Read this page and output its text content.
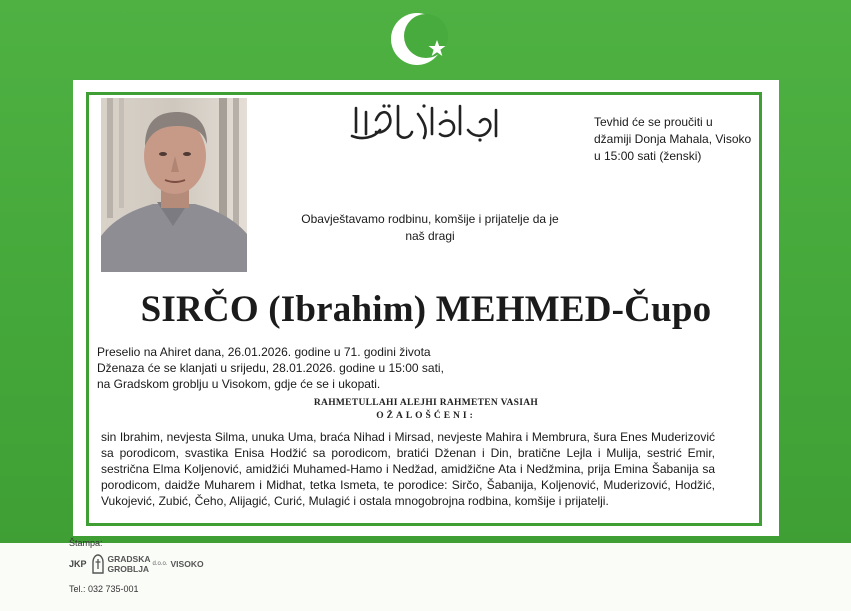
Tevhid će se proučiti u
džamiji Donja Mahala, Visoko
u 15:00 sati (ženski)
Obavještavamo rodbinu, komšije i prijatelje da je
naš dragi
SIRČO (Ibrahim) MEHMED-Čupo
Preselio na Ahiret dana, 26.01.2026. godine u 71. godini života
Dženaza će se klanjati u srijedu, 28.01.2026. godine u 15:00 sati,
na Gradskom groblju u Visokom, gdje će se i ukopati.
RAHMETULLAHI ALEJHI RAHMETEN VASIAH
OŽALOŠĆENI:
sin Ibrahim, nevjesta Silma, unuka Uma, braća Nihad i Mirsad, nevjeste Mahira i Membrura, šura Enes Muderizović sa porodicom, svastika Enisa Hodžić sa porodicom, bratići Dženan i Din, bratične Lejla i Mulija, sestrić Emir, sestrična Elma Koljenović, amidžići Muhamed-Hamo i Nedžad, amidžične Ata i Nedžmina, prija Emina Šabanija sa porodicom, daidže Muharem i Midhat, tetka Ismeta, te porodice: Sirčo, Šabanija, Koljenović, Muderizović, Hodžić, Vukojević, Zubić, Čeho, Alijagić, Curić, Mulagić i ostala mnogobrojna rodbina, komšije i prijatelji.
Štampa:
JKP GRADSKA
GROBLJA d.o.o. VISOKO
Tel.: 032 735-001
